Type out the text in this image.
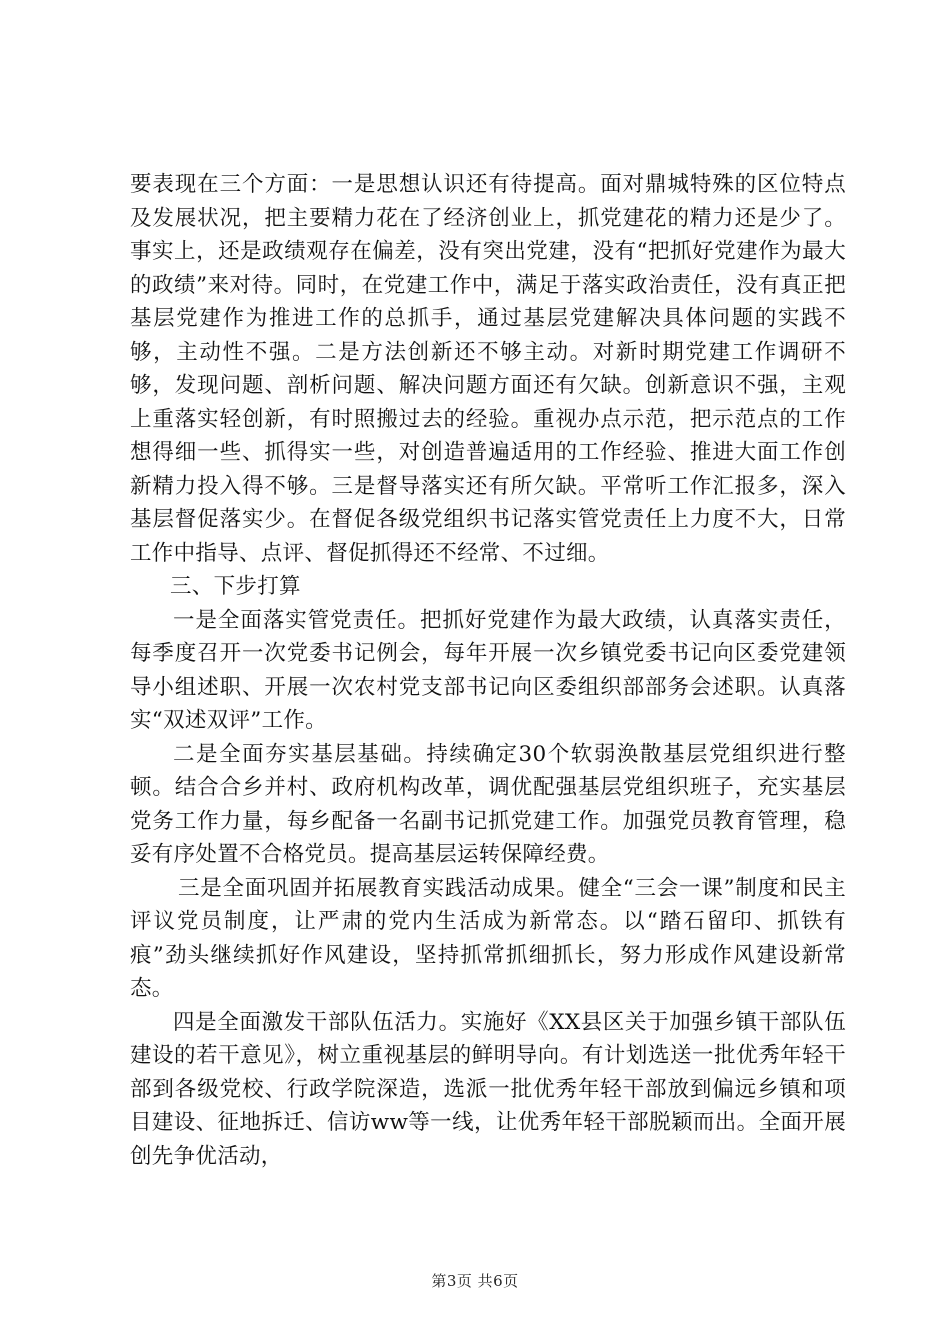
要表现在三个方面：一是思想认识还有待提高。面对鼎城特殊的区位特点及发展状况，把主要精力花在了经济创业上，抓党建花的精力还是少了。事实上，还是政绩观存在偏差，没有突出党建，没有“把抓好党建作为最大的政绩”来对待。同时，在党建工作中，满足于落实政治责任，没有真正把基层党建作为推进工作的总抓手，通过基层党建解决具体问题的实践不够，主动性不强。二是方法创新还不够主动。对新时期党建工作调研不够，发现问题、剖析问题、解决问题方面还有欠缺。创新意识不强，主观上重落实轻创新，有时照搬过去的经验。重视办点示范，把示范点的工作想得细一些、抓得实一些，对创造普遍适用的工作经验、推进大面工作创新精力投入得不够。三是督导落实还有所欠缺。平常听工作汇报多，深入基层督促落实少。在督促各级党组织书记落实管党责任上力度不大，日常工作中指导、点评、督促抓得还不经常、不过细。

三、下步打算

一是全面落实管党责任。把抓好党建作为最大政绩，认真落实责任，每季度召开一次党委书记例会，每年开展一次乡镇党委书记向区委党建领导小组述职、开展一次农村党支部书记向区委组织部部务会述职。认真落实“双述双评”工作。

二是全面夯实基层基础。持续确定30个软弱涣散基层党组织进行整顿。结合合乡并村、政府机构改革，调优配强基层党组织班子，充实基层党务工作力量，每乡配备一名副书记抓党建工作。加强党员教育管理，稳妥有序处置不合格党员。提高基层运转保障经费。

三是全面巩固并拓展教育实践活动成果。健全“三会一课”制度和民主评议党员制度，让严肃的党内生活成为新常态。以“踏石留印、抓铁有痕”劲头继续抓好作风建设，坚持抓常抓细抓长，努力形成作风建设新常态。

四是全面激发干部队伍活力。实施好《XX县区关于加强乡镇干部队伍建设的若干意见》，树立重视基层的鲜明导向。有计划选送一批优秀年轻干部到各级党校、行政学院深造，选派一批优秀年轻干部放到偏远乡镇和项目建设、征地拆迁、信访ww等一线，让优秀年轻干部脱颖而出。全面开展创先争优活动，

第3页 共6页
